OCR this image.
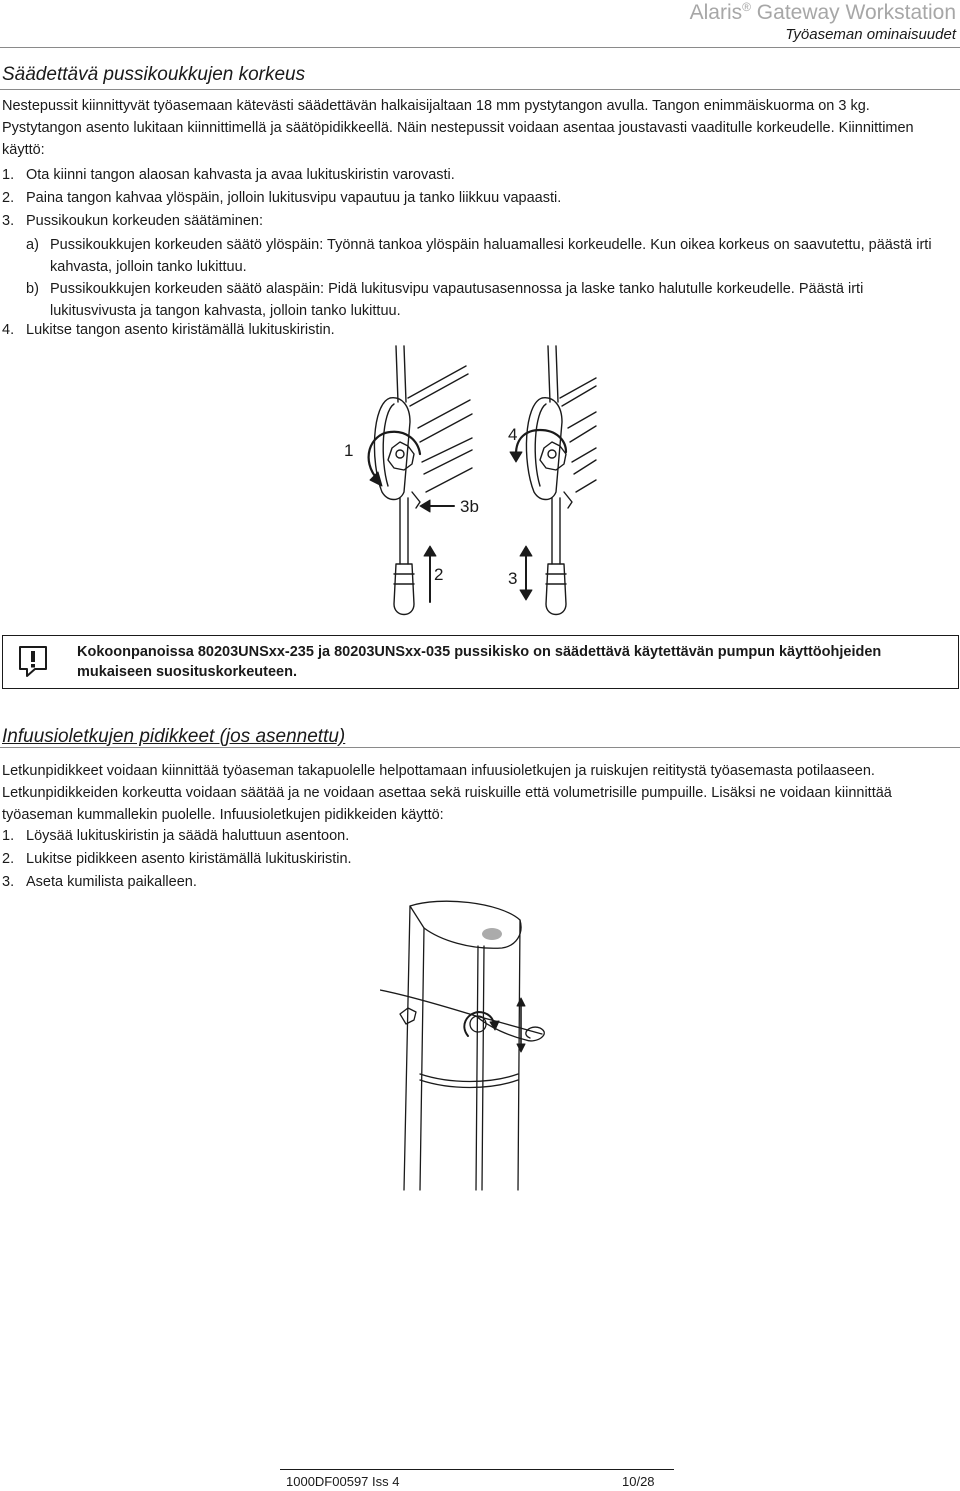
Alaris® Gateway Workstation
Työaseman ominaisuudet
Säädettävä pussikoukkujen korkeus
Nestepussit kiinnittyvät työasemaan kätevästi säädettävän halkaisijaltaan 18 mm pystytangon avulla. Tangon enimmäiskuorma on 3 kg. Pystytangon asento lukitaan kiinnittimellä ja säätöpidikkeellä. Näin nestepussit voidaan asentaa joustavasti vaaditulle korkeudelle. Kiinnittimen käyttö:
1. Ota kiinni tangon alaosan kahvasta ja avaa lukituskiristin varovasti.
2. Paina tangon kahvaa ylöspäin, jolloin lukitusvipu vapautuu ja tanko liikkuu vapaasti.
3. Pussikoukun korkeuden säätäminen:
a) Pussikoukkujen korkeuden säätö ylöspäin: Työnnä tankoa ylöspäin haluamallesi korkeudelle. Kun oikea korkeus on saavutettu, päästä irti kahvasta, jolloin tanko lukittuu.
b) Pussikoukkujen korkeuden säätö alaspäin: Pidä lukitusvipu vapautusasennossa ja laske tanko halutulle korkeudelle. Päästä irti lukitusvivusta ja tangon kahvasta, jolloin tanko lukittuu.
4. Lukitse tangon asento kiristämällä lukituskiristin.
1
4
3b
2	3
Kokoonpanoissa 80203UNSxx-235 ja 80203UNSxx-035 pussikisko on säädettävä käytettävän pumpun käyttöohjeiden mukaiseen suosituskorkeuteen.
Infuusioletkujen pidikkeet (jos asennettu)
Letkunpidikkeet voidaan kiinnittää työaseman takapuolelle helpottamaan infuusioletkujen ja ruiskujen reititystä työasemasta potilaaseen. Letkunpidikkeiden korkeutta voidaan säätää ja ne voidaan asettaa sekä ruiskuille että volumetrisille pumpuille. Lisäksi ne voidaan kiinnittää työaseman kummallekin puolelle. Infuusioletkujen pidikkeiden käyttö:
1. Löysää lukituskiristin ja säädä haluttuun asentoon.
2. Lukitse pidikkeen asento kiristämällä lukituskiristin.
3. Aseta kumilista paikalleen.
1000DF00597 Iss 4	10/28
